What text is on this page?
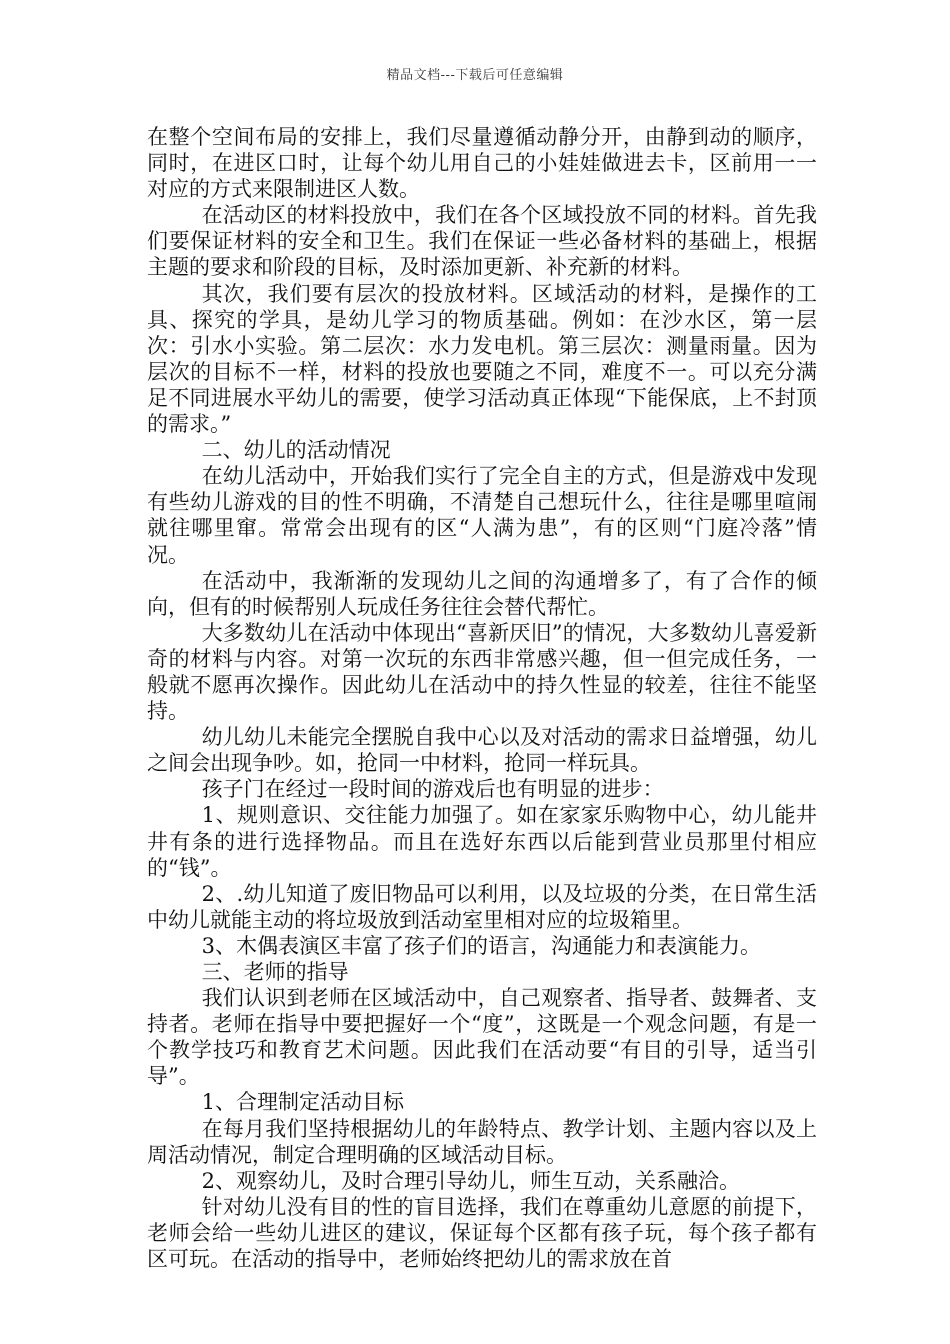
精品文档---下载后可任意编辑

在整个空间布局的安排上，我们尽量遵循动静分开，由静到动的顺序，同时，在进区口时，让每个幼儿用自己的小娃娃做进去卡，区前用一一对应的方式来限制进区人数。

在活动区的材料投放中，我们在各个区域投放不同的材料。首先我们要保证材料的安全和卫生。我们在保证一些必备材料的基础上，根据主题的要求和阶段的目标，及时添加更新、补充新的材料。

其次，我们要有层次的投放材料。区域活动的材料，是操作的工具、探究的学具，是幼儿学习的物质基础。例如：在沙水区，第一层次：引水小实验。第二层次：水力发电机。第三层次：测量雨量。因为层次的目标不一样，材料的投放也要随之不同，难度不一。可以充分满足不同进展水平幼儿的需要，使学习活动真正体现“下能保底，上不封顶的需求。”

二、幼儿的活动情况

在幼儿活动中，开始我们实行了完全自主的方式，但是游戏中发现有些幼儿游戏的目的性不明确，不清楚自己想玩什么，往往是哪里喧闹就往哪里窜。常常会出现有的区“人满为患”，有的区则“门庭冷落”情况。

在活动中，我渐渐的发现幼儿之间的沟通增多了，有了合作的倾向，但有的时候帮别人玩成任务往往会替代帮忙。

大多数幼儿在活动中体现出“喜新厌旧”的情况，大多数幼儿喜爱新奇的材料与内容。对第一次玩的东西非常感兴趣，但一但完成任务，一般就不愿再次操作。因此幼儿在活动中的持久性显的较差，往往不能坚持。

幼儿幼儿未能完全摆脱自我中心以及对活动的需求日益增强，幼儿之间会出现争吵。如，抢同一中材料，抢同一样玩具。

孩子门在经过一段时间的游戏后也有明显的进步：

1、规则意识、交往能力加强了。如在家家乐购物中心，幼儿能井井有条的进行选择物品。而且在选好东西以后能到营业员那里付相应的“钱”。

2、.幼儿知道了废旧物品可以利用，以及垃圾的分类，在日常生活中幼儿就能主动的将垃圾放到活动室里相对应的垃圾箱里。

3、木偶表演区丰富了孩子们的语言，沟通能力和表演能力。

三、老师的指导

我们认识到老师在区域活动中，自己观察者、指导者、鼓舞者、支持者。老师在指导中要把握好一个“度”，这既是一个观念问题，有是一个教学技巧和教育艺术问题。因此我们在活动要“有目的引导，适当引导”。

1、合理制定活动目标

在每月我们坚持根据幼儿的年龄特点、教学计划、主题内容以及上周活动情况，制定合理明确的区域活动目标。

2、观察幼儿，及时合理引导幼儿，师生互动，关系融洽。

针对幼儿没有目的性的盲目选择，我们在尊重幼儿意愿的前提下，老师会给一些幼儿进区的建议，保证每个区都有孩子玩，每个孩子都有区可玩。在活动的指导中，老师始终把幼儿的需求放在首
